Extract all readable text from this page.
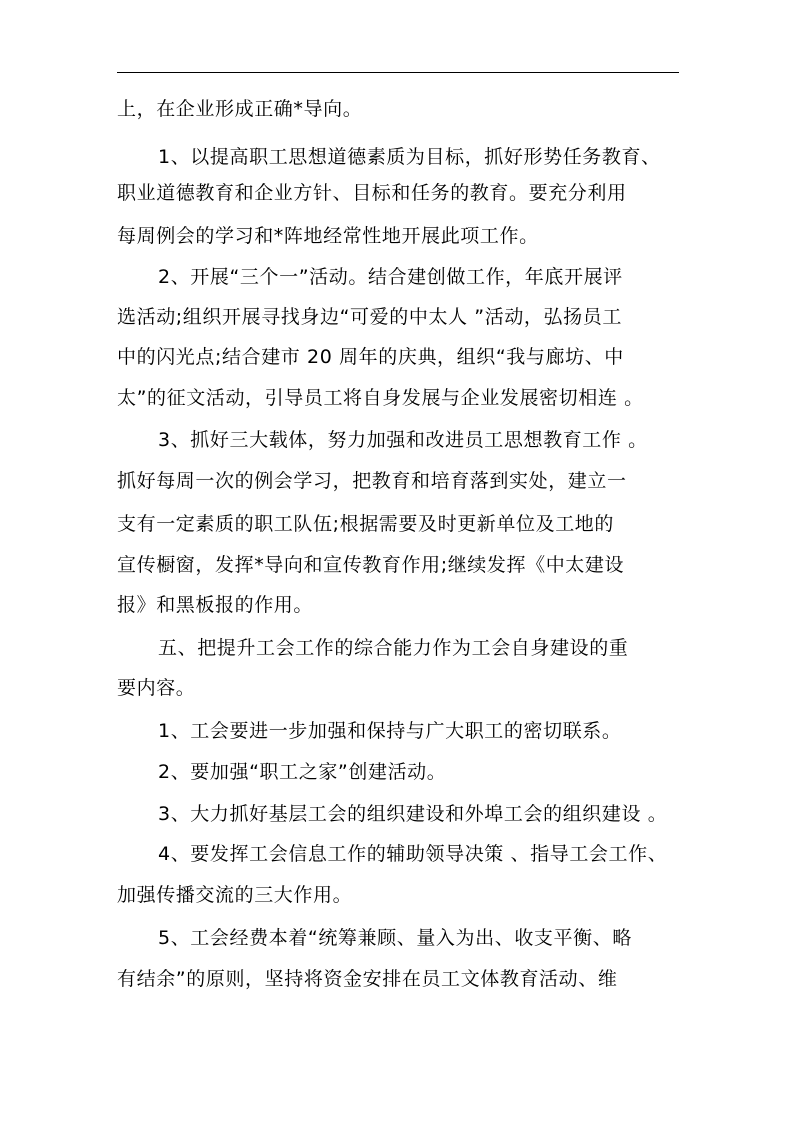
上，在企业形成正确*导向。
1、以提高职工思想道德素质为目标，抓好形势任务教育、
职业道德教育和企业方针、目标和任务的教育。要充分利用
每周例会的学习和*阵地经常性地开展此项工作。
2、开展“三个一”活动。结合建创做工作，年底开展评
选活动;组织开展寻找身边“可爱的中太人 ”活动，弘扬员工
中的闪光点;结合建市 20 周年的庆典，组织“我与廊坊、中
太”的征文活动，引导员工将自身发展与企业发展密切相连 。
3、抓好三大载体，努力加强和改进员工思想教育工作 。
抓好每周一次的例会学习，把教育和培育落到实处，建立一
支有一定素质的职工队伍;根据需要及时更新单位及工地的
宣传橱窗，发挥*导向和宣传教育作用;继续发挥《中太建设
报》和黑板报的作用。
五、把提升工会工作的综合能力作为工会自身建设的重
要内容。
1、工会要进一步加强和保持与广大职工的密切联系。
2、要加强“职工之家”创建活动。
3、大力抓好基层工会的组织建设和外埠工会的组织建设 。
4、要发挥工会信息工作的辅助领导决策 、指导工会工作、
加强传播交流的三大作用。
5、工会经费本着“统筹兼顾、量入为出、收支平衡、略
有结余”的原则，坚持将资金安排在员工文体教育活动、维
